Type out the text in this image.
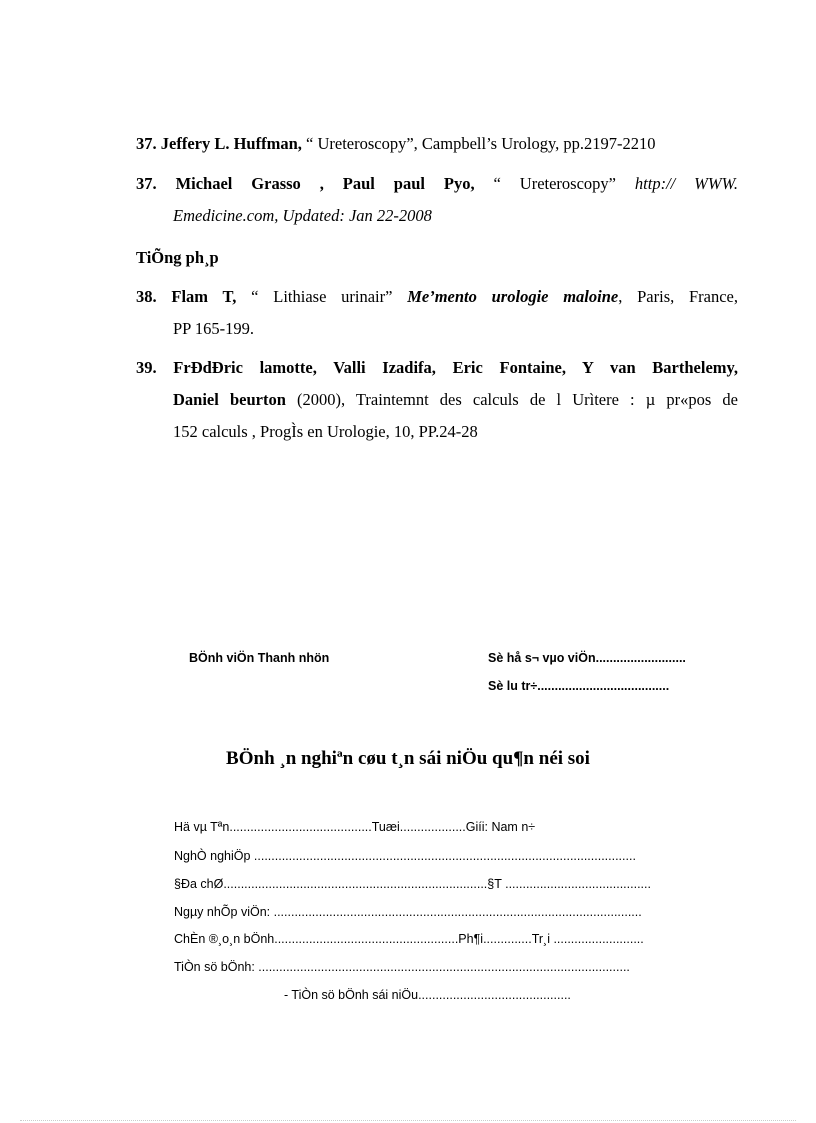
37. Jeffery L. Huffman, “ Ureteroscopy”, Campbell’s Urology, pp.2197-2210
37. Michael Grasso , Paul paul Pyo, “ Ureteroscopy” http:// WWW.
Emedicine.com, Updated: Jan 22-2008
TiÕng ph¸p
38. Flam T, “ Lithiase urinair” Me’mento urologie maloine, Paris, France,
PP 165-199.
39. FrÐdÐric lamotte, Valli Izadifa, Eric Fontaine, Y van Barthelemy,
Daniel beurton (2000), Traintemnt des calculs de l Urìtere : µ pr«pos de
152 calculs , ProgÌs en Urologie, 10, PP.24-28
BÖnh viÖn Thanh nhön	Sè hå s¬ vµo viÖn..........................
Sè lu tr÷......................................
BÖnh ¸n nghiªn cøu t¸n sái niÖu qu¶n néi soi
Hä vµ Tªn.........................................Tuæi...................Giíi: Nam n÷
NghÒ nghiÖp ..............................................................................................................
§Ða chØ............................................................................§T ..........................................
Ngµy nhÕp viÖn: ..........................................................................................................
ChÈn ®¸o¸n bÖnh.....................................................Ph¶i..............Tr¸i ..........................
TiÒn sö bÖnh: ...........................................................................................................
- TiÒn sö bÖnh sái niÖu............................................
